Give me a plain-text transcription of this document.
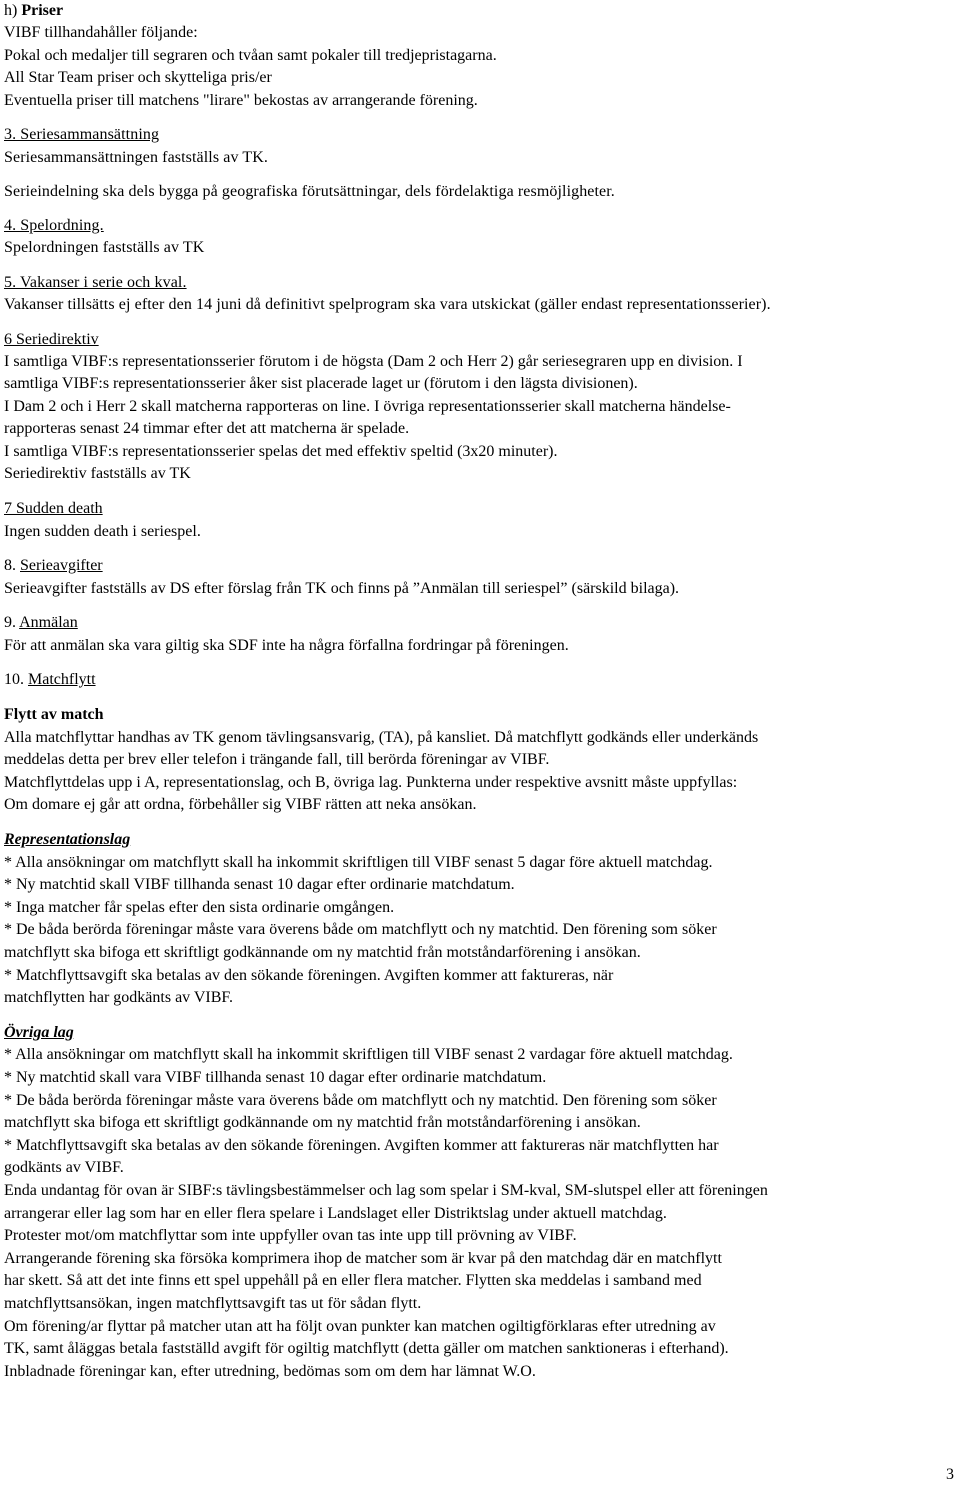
h) Priser
VIBF tillhandahåller följande:
Pokal och medaljer till segraren och tvåan samt pokaler till tredjepristagarna.
All Star Team priser och skytteliga pris/er
Eventuella priser till matchens "lirare" bekostas av arrangerande förening.
3. Seriesammansättning
Seriesammansättningen fastställs av TK.
Serieindelning ska dels bygga på geografiska förutsättningar, dels fördelaktiga resmöjligheter.
4. Spelordning.
Spelordningen fastställs av TK
5. Vakanser i serie och kval.
Vakanser tillsätts ej efter den 14 juni då definitivt spelprogram ska vara utskickat (gäller endast representationsserier).
6 Seriedirektiv
I samtliga VIBF:s representationsserier förutom i de högsta (Dam 2 och Herr 2) går seriesegraren upp en division. I
samtliga VIBF:s representationsserier åker sist placerade laget ur (förutom i den lägsta divisionen).
I Dam 2 och i Herr 2 skall matcherna rapporteras on line. I övriga representationsserier skall matcherna händelse-
rapporteras senast 24 timmar efter det att matcherna är spelade.
I samtliga VIBF:s representationsserier spelas det med effektiv speltid (3x20 minuter).
Seriedirektiv fastställs av TK
7 Sudden death
Ingen sudden death i seriespel.
8. Serieavgifter
Serieavgifter fastställs av DS efter förslag från TK och finns på ”Anmälan till seriespel” (särskild bilaga).
9. Anmälan
För att anmälan ska vara giltig ska SDF inte ha några förfallna fordringar på föreningen.
10. Matchflytt
Flytt av match
Alla matchflyttar handhas av TK genom tävlingsansvarig, (TA), på kansliet. Då matchflytt godkänds eller underkänds
meddelas detta per brev eller telefon i trängande fall, till berörda föreningar av VIBF.
Matchflyttdelas upp i A, representationslag, och B, övriga lag. Punkterna under respektive avsnitt måste uppfyllas:
Om domare ej går att ordna, förbehåller sig VIBF rätten att neka ansökan.
Representationslag
* Alla ansökningar om matchflytt skall ha inkommit skriftligen till VIBF senast 5 dagar före aktuell matchdag.
* Ny matchtid skall VIBF tillhanda senast 10 dagar efter ordinarie matchdatum.
* Inga matcher får spelas efter den sista ordinarie omgången.
* De båda berörda föreningar måste vara överens både om matchflytt och ny matchtid. Den förening som söker
matchflytt ska bifoga ett skriftligt godkännande om ny matchtid från motståndarförening i ansökan.
* Matchflyttsavgift ska betalas av den sökande föreningen. Avgiften kommer att faktureras, när
matchflytten har godkänts av VIBF.
Övriga lag
* Alla ansökningar om matchflytt skall ha inkommit skriftligen till VIBF senast 2 vardagar före aktuell matchdag.
* Ny matchtid skall vara VIBF tillhanda senast 10 dagar efter ordinarie matchdatum.
* De båda berörda föreningar måste vara överens både om matchflytt och ny matchtid. Den förening som söker
matchflytt ska bifoga ett skriftligt godkännande om ny matchtid från motståndarförening i ansökan.
* Matchflyttsavgift ska betalas av den sökande föreningen. Avgiften kommer att faktureras när matchflytten har
godkänts av VIBF.
Enda undantag för ovan är SIBF:s tävlingsbestämmelser och lag som spelar i SM-kval, SM-slutspel eller att föreningen
arrangerar eller lag som har en eller flera spelare i Landslaget eller Distriktslag under aktuell matchdag.
Protester mot/om matchflyttar som inte uppfyller ovan tas inte upp till prövning av VIBF.
Arrangerande förening ska försöka komprimera ihop de matcher som är kvar på den matchdag där en matchflytt
har skett. Så att det inte finns ett spel uppehåll på en eller flera matcher. Flytten ska meddelas i samband med
matchflyttsansökan, ingen matchflyttsavgift tas ut för sådan flytt.
Om förening/ar flyttar på matcher utan att ha följt ovan punkter kan matchen ogiltigförklaras efter utredning av
TK, samt åläggas betala fastställd avgift för ogiltig matchflytt (detta gäller om matchen sanktioneras i efterhand).
Inbladnade föreningar kan, efter utredning, bedömas som om dem har lämnat W.O.
3
